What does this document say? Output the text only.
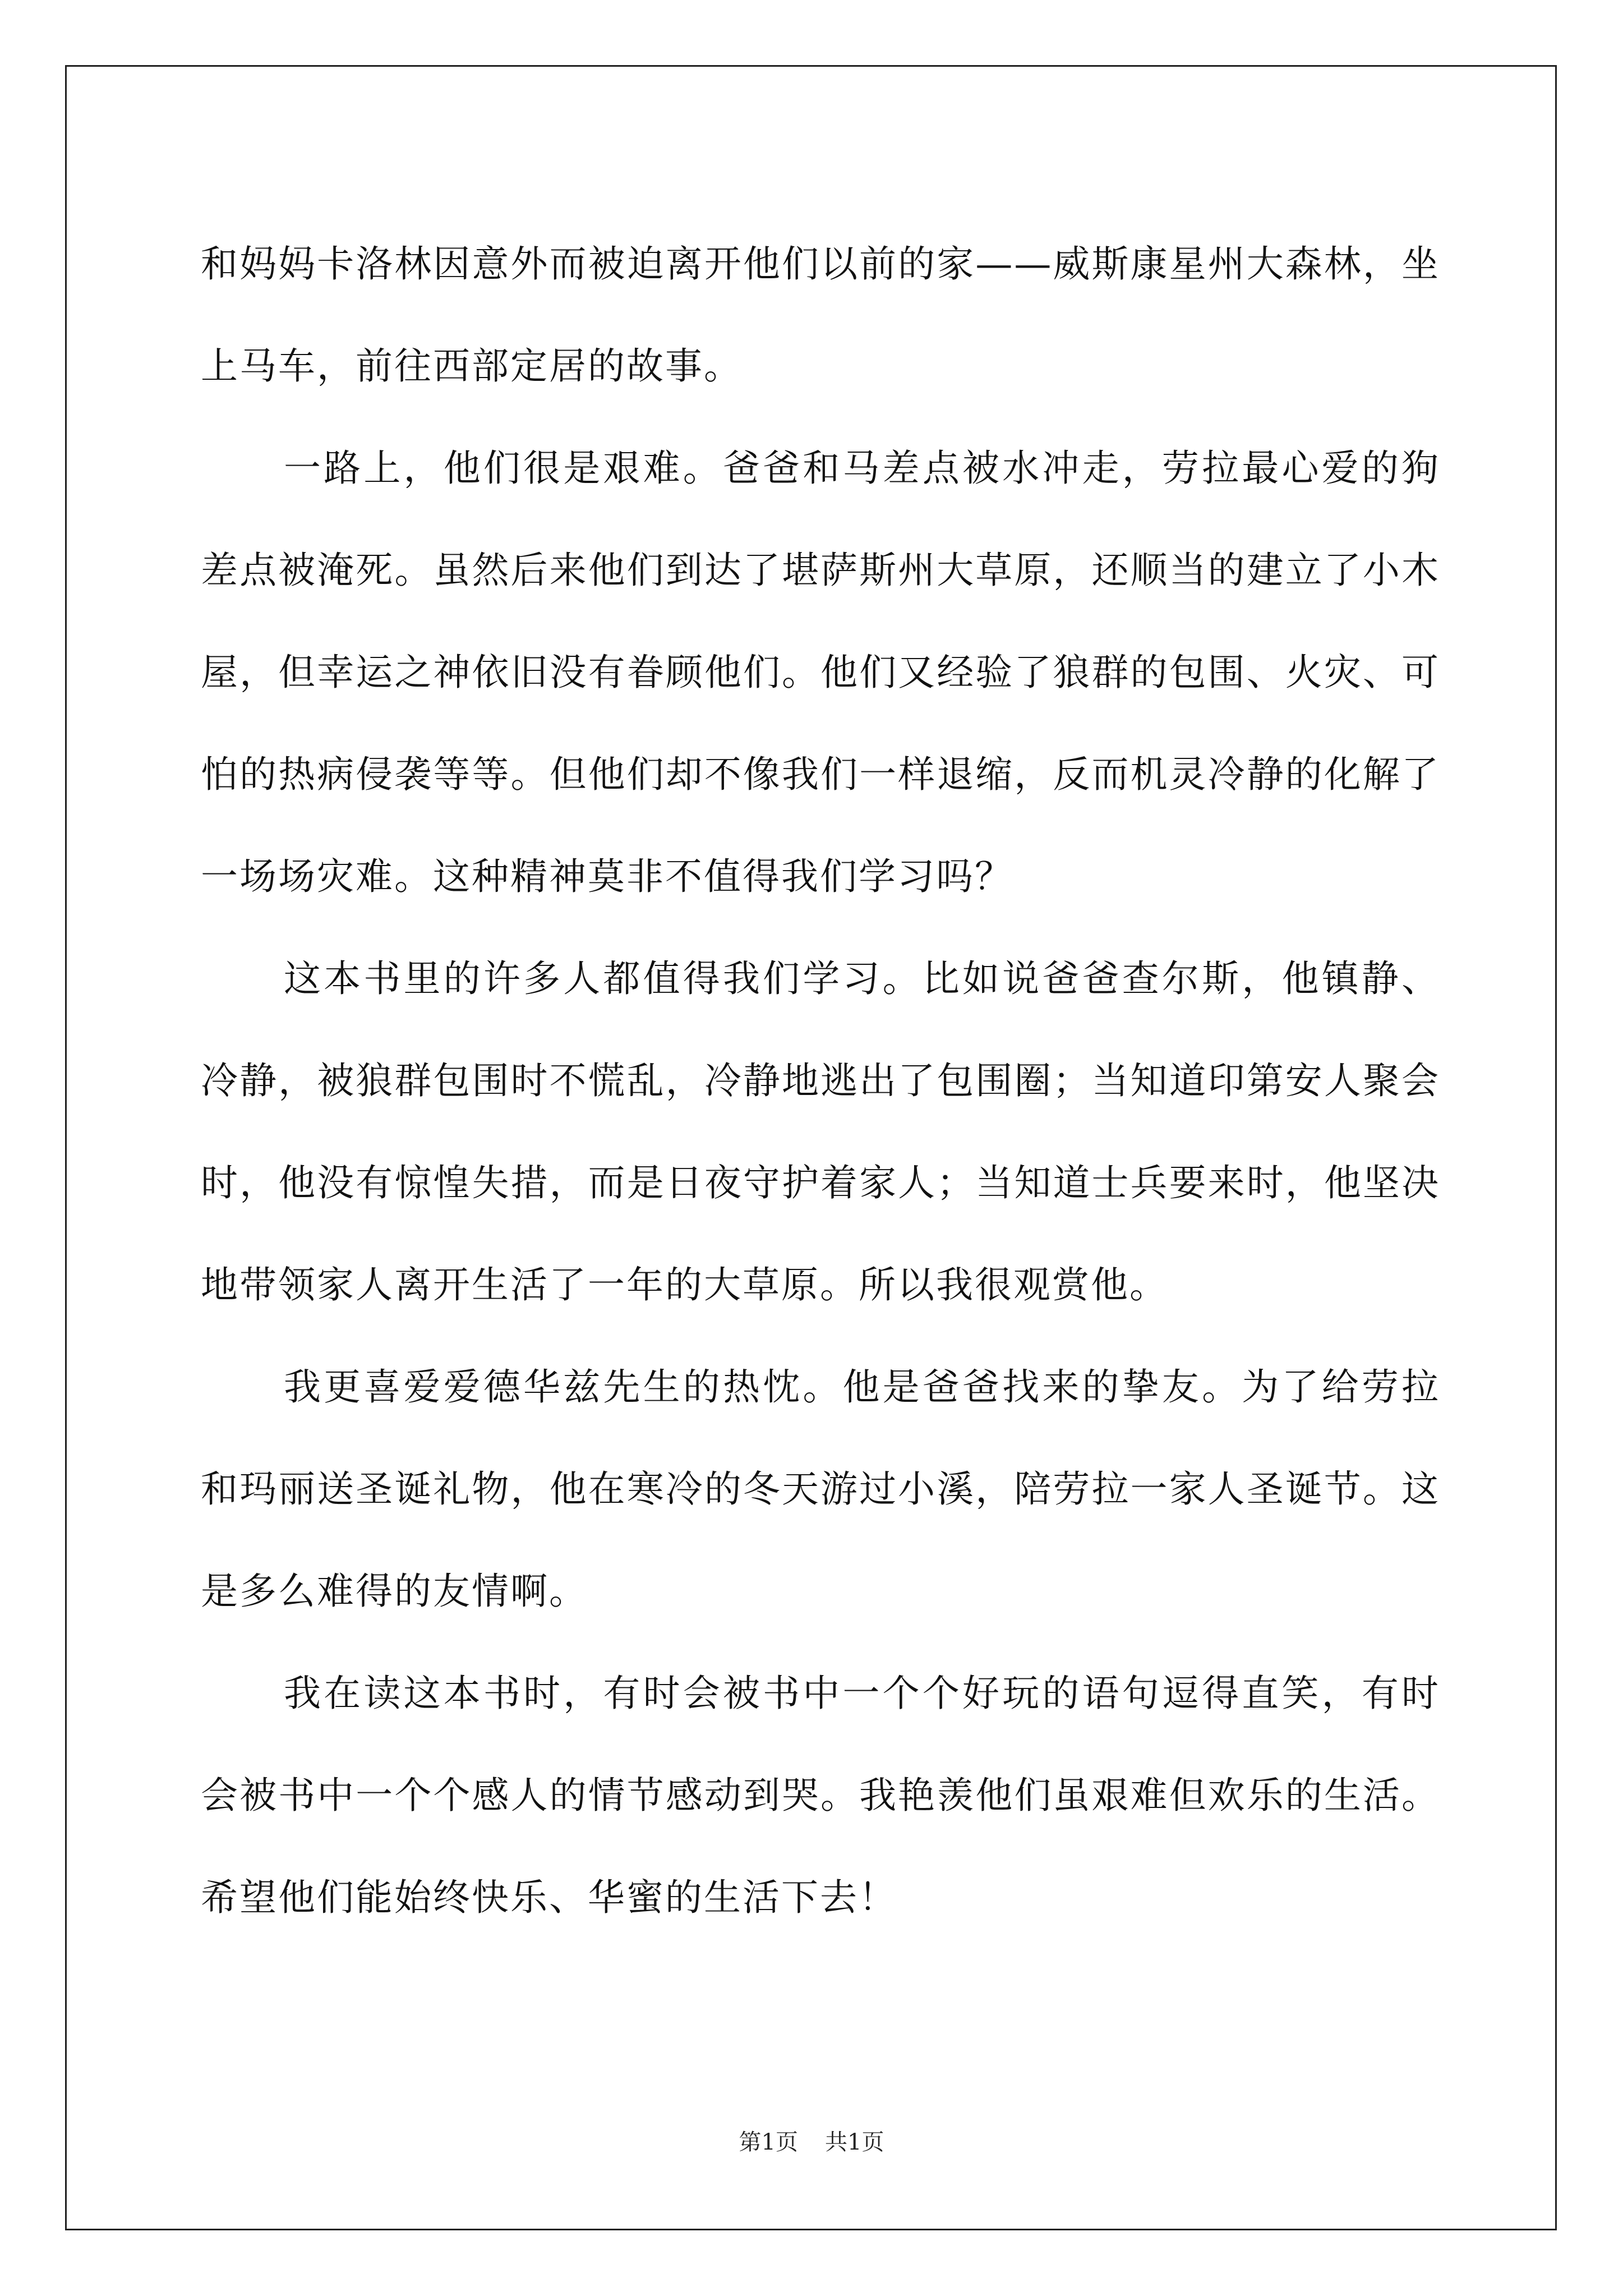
和妈妈卡洛林因意外而被迫离开他们以前的家——威斯康星州大森林，坐上马车，前往西部定居的故事。

一路上，他们很是艰难。爸爸和马差点被水冲走，劳拉最心爱的狗差点被淹死。虽然后来他们到达了堪萨斯州大草原，还顺当的建立了小木屋，但幸运之神依旧没有眷顾他们。他们又经验了狼群的包围、火灾、可怕的热病侵袭等等。但他们却不像我们一样退缩，反而机灵冷静的化解了一场场灾难。这种精神莫非不值得我们学习吗？

这本书里的许多人都值得我们学习。比如说爸爸查尔斯，他镇静、冷静，被狼群包围时不慌乱，冷静地逃出了包围圈；当知道印第安人聚会时，他没有惊惶失措，而是日夜守护着家人；当知道士兵要来时，他坚决地带领家人离开生活了一年的大草原。所以我很观赏他。

我更喜爱爱德华兹先生的热忱。他是爸爸找来的挚友。为了给劳拉和玛丽送圣诞礼物，他在寒冷的冬天游过小溪，陪劳拉一家人圣诞节。这是多么难得的友情啊。

我在读这本书时，有时会被书中一个个好玩的语句逗得直笑，有时会被书中一个个感人的情节感动到哭。我艳羡他们虽艰难但欢乐的生活。希望他们能始终快乐、华蜜的生活下去！

第1页 共1页
